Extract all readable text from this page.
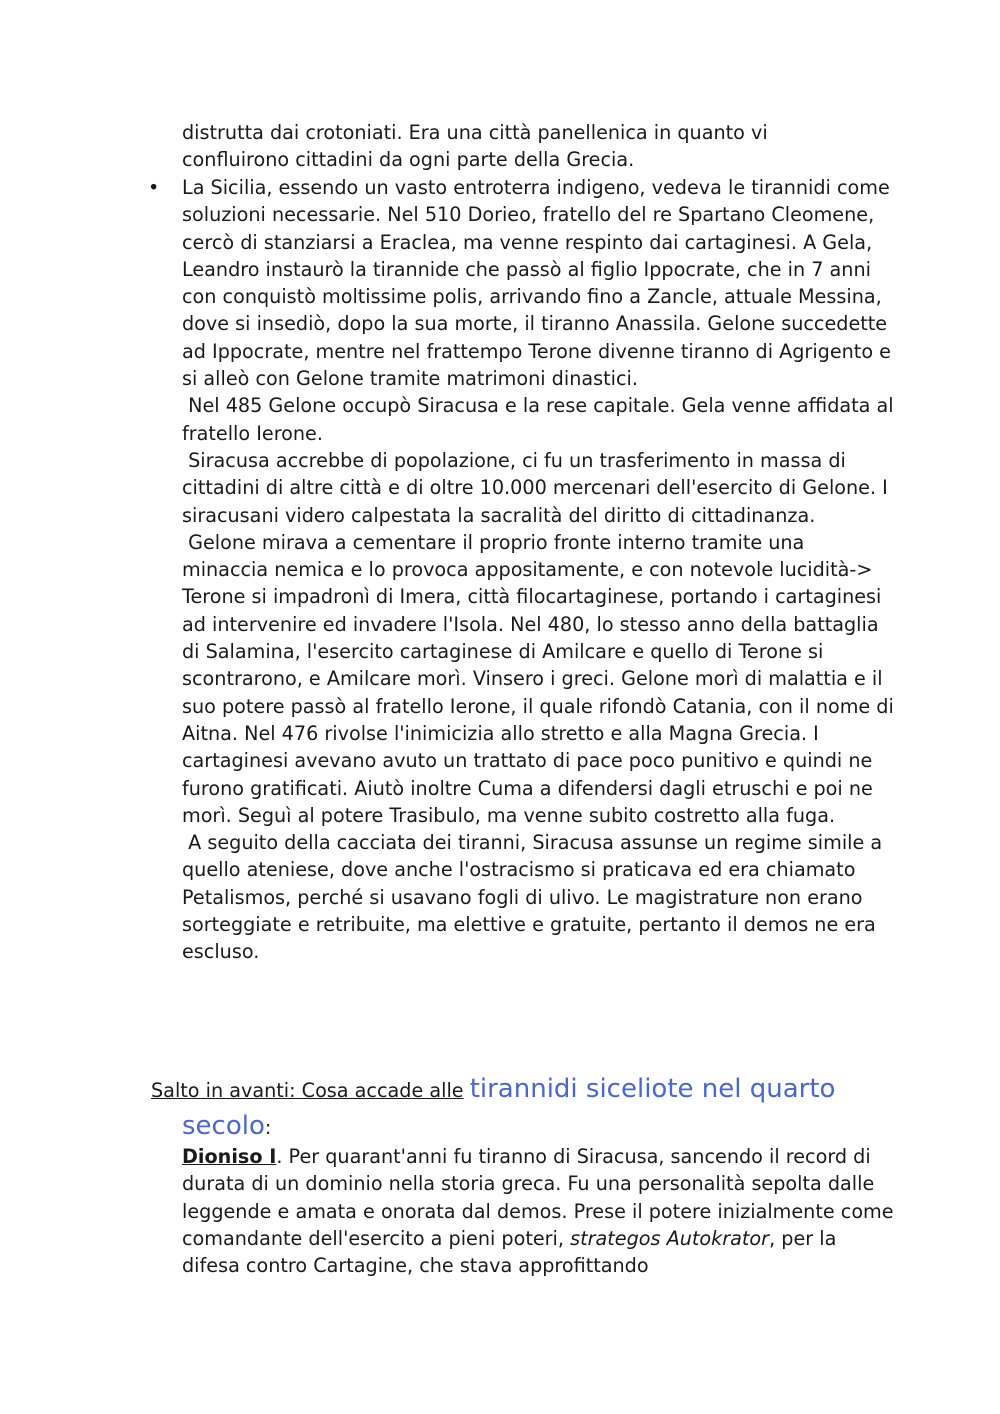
distrutta dai crotoniati. Era una città panellenica in quanto vi
confluirono cittadini da ogni parte della Grecia.
•	La Sicilia, essendo un vasto entroterra indigeno, vedeva le tirannidi come soluzioni necessarie. Nel 510 Dorieo, fratello del re Spartano Cleomene, cercò di stanziarsi a Eraclea, ma venne respinto dai cartaginesi. A Gela, Leandro instaurò la tirannide che passò al figlio Ippocrate, che in 7 anni con conquistò moltissime polis, arrivando fino a Zancle, attuale Messina, dove si insediò, dopo la sua morte, il tiranno Anassila. Gelone succedette ad Ippocrate, mentre nel frattempo Terone divenne tiranno di Agrigento e si alleò con Gelone tramite matrimoni dinastici.

Nel 485 Gelone occupò Siracusa e la rese capitale. Gela venne affidata al fratello Ierone.

Siracusa accrebbe di popolazione, ci fu un trasferimento in massa di cittadini di altre città e di oltre 10.000 mercenari dell'esercito di Gelone. I siracusani videro calpestata la sacralità del diritto di cittadinanza.

Gelone mirava a cementare il proprio fronte interno tramite una minaccia nemica e lo provoca appositamente, e con notevole lucidità-> Terone si impadronì di Imera, città filocartaginese, portando i cartaginesi ad intervenire ed invadere l'Isola. Nel 480, lo stesso anno della battaglia di Salamina, l'esercito cartaginese di Amilcare e quello di Terone si scontrarono, e Amilcare morì. Vinsero i greci. Gelone morì di malattia e il suo potere passò al fratello Ierone, il quale rifondò Catania, con il nome di Aitna. Nel 476 rivolse l'inimicizia allo stretto e alla Magna Grecia. I cartaginesi avevano avuto un trattato di pace poco punitivo e quindi ne furono gratificati. Aiutò inoltre Cuma a difendersi dagli etruschi e poi ne morì. Seguì al potere Trasibulo, ma venne subito costretto alla fuga.

A seguito della cacciata dei tiranni, Siracusa assunse un regime simile a quello ateniese, dove anche l'ostracismo si praticava ed era chiamato Petalismos, perché si usavano fogli di ulivo. Le magistrature non erano sorteggiate e retribuite, ma elettive e gratuite, pertanto il demos ne era escluso.

Salto in avanti: Cosa accade alle tirannidi siceliote nel quarto
secolo:

Dioniso I. Per quarant'anni fu tiranno di Siracusa, sancendo il record di durata di un dominio nella storia greca. Fu una personalità sepolta dalle leggende e amata e onorata dal demos. Prese il potere inizialmente come comandante dell'esercito a pieni poteri, strategos Autokrator, per la difesa contro Cartagine, che stava approfittando
